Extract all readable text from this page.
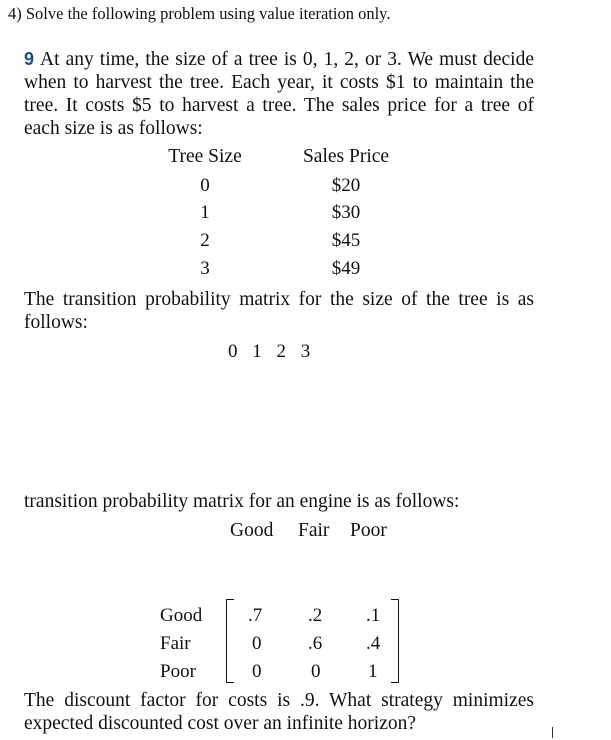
4) Solve the following problem using value iteration only.
9 At any time, the size of a tree is 0, 1, 2, or 3. We must decide when to harvest the tree. Each year, it costs $1 to maintain the tree. It costs $5 to harvest a tree. The sales price for a tree of each size is as follows:
Tree Size	Sales Price
0	$20
1	$30
2	$45
3	$49
The transition probability matrix for the size of the tree is as follows:
0 1 2 3
transition probability matrix for an engine is as follows:
Good Fair Poor
Good .7 .2 .1
Fair	0 .6 .4
Poor	0	0	1
The discount factor for costs is .9. What strategy minimizes expected discounted cost over an infinite horizon?
